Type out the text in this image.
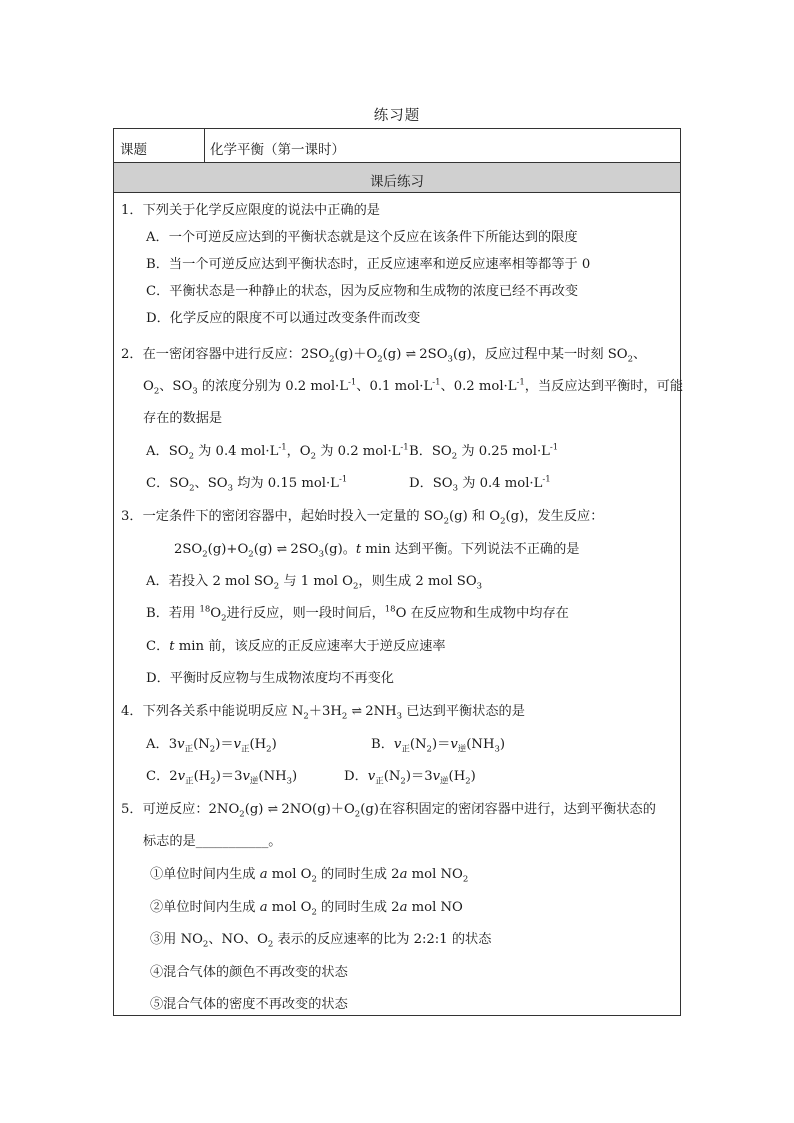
练习题
课题	化学平衡（第一课时）
课后练习
1．下列关于化学反应限度的说法中正确的是
A．一个可逆反应达到的平衡状态就是这个反应在该条件下所能达到的限度
B．当一个可逆反应达到平衡状态时，正反应速率和逆反应速率相等都等于 0
C．平衡状态是一种静止的状态，因为反应物和生成物的浓度已经不再改变
D．化学反应的限度不可以通过改变条件而改变
2．在一密闭容器中进行反应：$2SO_2(g)+O_2(g)$ ⇌ $2SO_3(g)$，反应过程中某一时刻 $SO_2$、
$O_2$、$SO_3$ 的浓度分别为 0.2 $mol\cdot L^{-1}$、0.1 $mol\cdot L^{-1}$、0.2 $mol\cdot L^{-1}$，当反应达到平衡时，可能
存在的数据是
A．$SO_2$ 为 0.4 $mol\cdot L^{-1}$，$O_2$ 为 0.2 $mol\cdot L^{-1}$ B．$SO_2$ 为 0.25 $mol\cdot L^{-1}$
C．$SO_2$、$SO_3$ 均为 0.15 $mol\cdot L^{-1}$	D．$SO_3$ 为 0.4 $mol\cdot L^{-1}$
3．一定条件下的密闭容器中，起始时投入一定量的 $SO_2(g)$ 和 $O_2(g)$，发生反应：
$2SO_2(g)+O_2(g)$ ⇌ $2SO_3(g)$。t min 达到平衡。下列说法不正确的是
A．若投入 2 mol $SO_2$ 与 1 mol $O_2$，则生成 2 mol $SO_3$
B．若用 $^{18}O_2$进行反应，则一段时间后，$^{18}$O 在反应物和生成物中均存在
C．t min 前，该反应的正反应速率大于逆反应速率
D．平衡时反应物与生成物浓度均不再变化
4．下列各关系中能说明反应 $N_2+3H_2$ ⇌ $2NH_3$ 已达到平衡状态的是
A．$3v_正(N_2)=v_正(H_2)$	B．$v_正(N_2)=v_逆(NH_3)$
C．$2v_正(H_2)=3v_逆(NH_3)$	D．$v_正(N_2)=3v_逆(H_2)$
5．可逆反应：$2NO_2(g)$ ⇌ $2NO(g)+O_2(g)$在容积固定的密闭容器中进行，达到平衡状态的
标志的是___________。
①单位时间内生成 a mol $O_2$ 的同时生成 2a mol $NO_2$
②单位时间内生成 a mol $O_2$ 的同时生成 2a mol NO
③用 $NO_2$、NO、$O_2$ 表示的反应速率的比为 2:2:1 的状态
④混合气体的颜色不再改变的状态
⑤混合气体的密度不再改变的状态
